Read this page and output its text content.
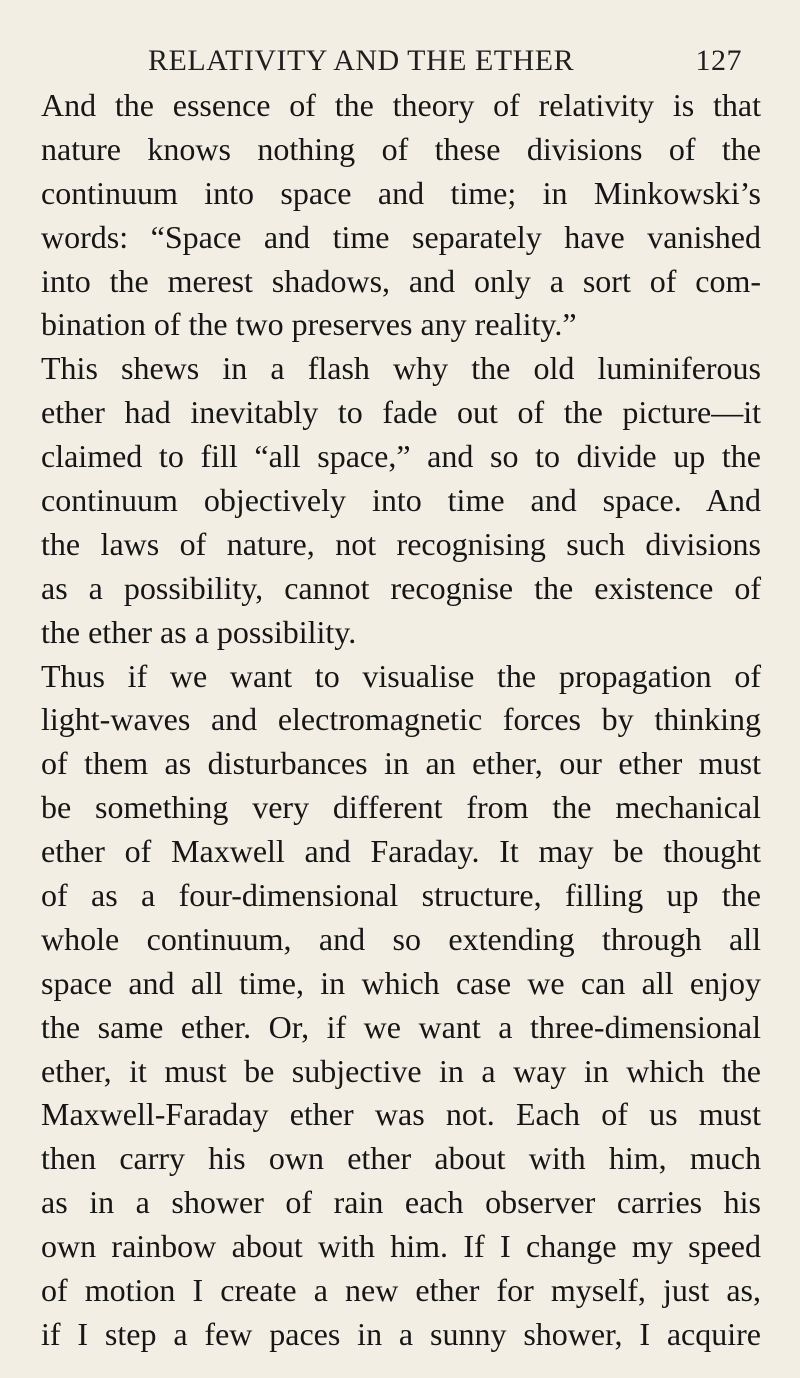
RELATIVITY AND THE ETHER	127
And the essence of the theory of relativity is that
nature knows nothing of these divisions of the
continuum into space and time; in Minkowski’s
words: “Space and time separately have vanished
into the merest shadows, and only a sort of com-
bination of the two preserves any reality.”
This shews in a flash why the old luminiferous
ether had inevitably to fade out of the picture—it
claimed to fill “all space,” and so to divide up the
continuum objectively into time and space. And
the laws of nature, not recognising such divisions
as a possibility, cannot recognise the existence of
the ether as a possibility.
Thus if we want to visualise the propagation of
light-waves and electromagnetic forces by thinking
of them as disturbances in an ether, our ether must
be something very different from the mechanical
ether of Maxwell and Faraday. It may be thought
of as a four-dimensional structure, filling up the
whole continuum, and so extending through all
space and all time, in which case we can all enjoy
the same ether. Or, if we want a three-dimensional
ether, it must be subjective in a way in which the
Maxwell-Faraday ether was not. Each of us must
then carry his own ether about with him, much
as in a shower of rain each observer carries his
own rainbow about with him. If I change my speed
of motion I create a new ether for myself, just as,
if I step a few paces in a sunny shower, I acquire
